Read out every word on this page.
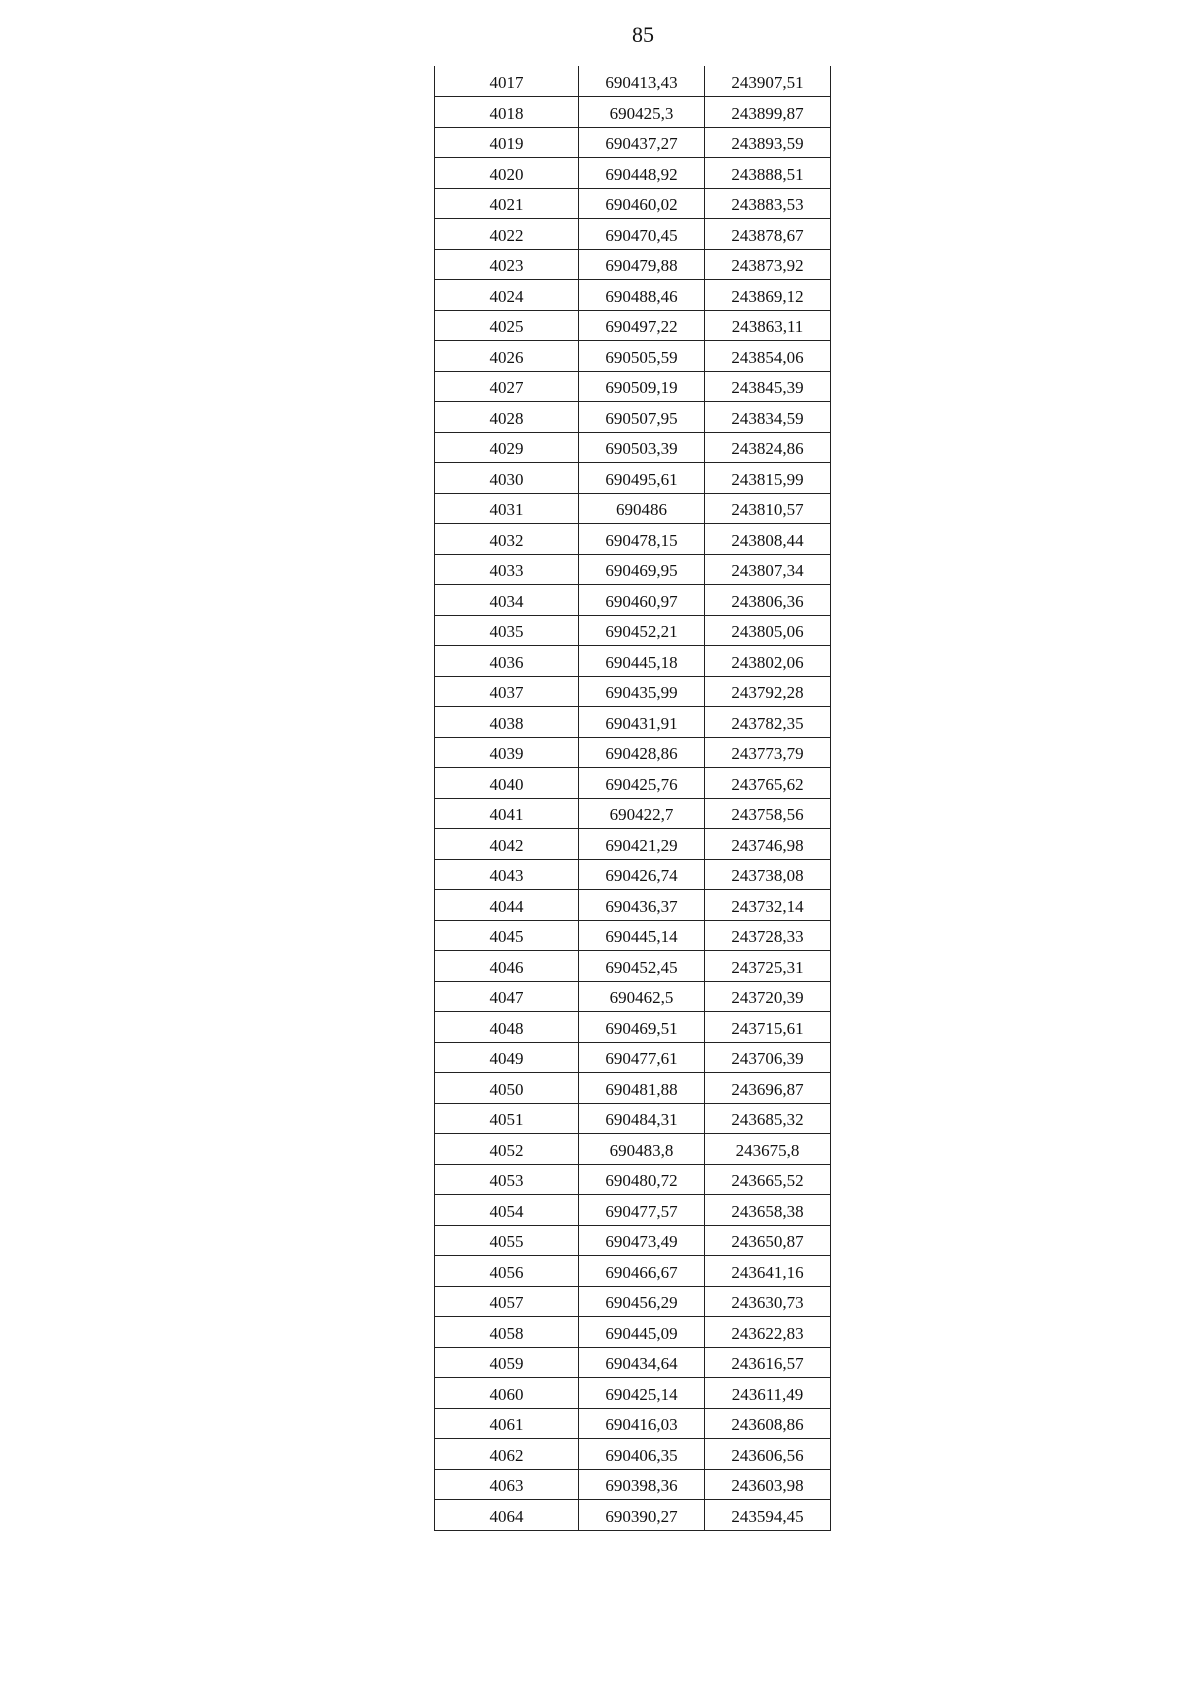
85
4017	690413,43	243907,51
4018	690425,3	243899,87
4019	690437,27	243893,59
4020	690448,92	243888,51
4021	690460,02	243883,53
4022	690470,45	243878,67
4023	690479,88	243873,92
4024	690488,46	243869,12
4025	690497,22	243863,11
4026	690505,59	243854,06
4027	690509,19	243845,39
4028	690507,95	243834,59
4029	690503,39	243824,86
4030	690495,61	243815,99
4031	690486	243810,57
4032	690478,15	243808,44
4033	690469,95	243807,34
4034	690460,97	243806,36
4035	690452,21	243805,06
4036	690445,18	243802,06
4037	690435,99	243792,28
4038	690431,91	243782,35
4039	690428,86	243773,79
4040	690425,76	243765,62
4041	690422,7	243758,56
4042	690421,29	243746,98
4043	690426,74	243738,08
4044	690436,37	243732,14
4045	690445,14	243728,33
4046	690452,45	243725,31
4047	690462,5	243720,39
4048	690469,51	243715,61
4049	690477,61	243706,39
4050	690481,88	243696,87
4051	690484,31	243685,32
4052	690483,8	243675,8
4053	690480,72	243665,52
4054	690477,57	243658,38
4055	690473,49	243650,87
4056	690466,67	243641,16
4057	690456,29	243630,73
4058	690445,09	243622,83
4059	690434,64	243616,57
4060	690425,14	243611,49
4061	690416,03	243608,86
4062	690406,35	243606,56
4063	690398,36	243603,98
4064	690390,27	243594,45
